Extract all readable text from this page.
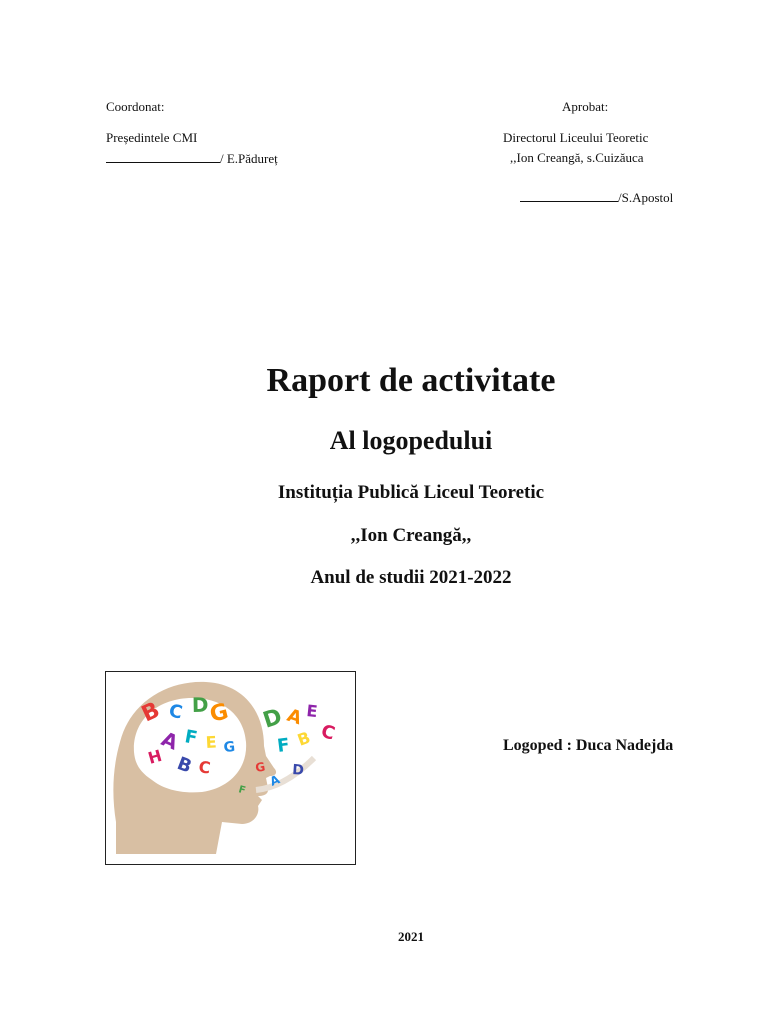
Coordonat:
Președintele CMI
/ E.Pădureț
Aprobat:
Directorul Liceului Teoretic
,,Ion Creangă, s.Cuizăuca
/S.Apostol
Raport de activitate
Al logopedului
Instituția Publică Liceul Teoretic
,,Ion Creangă,,
Anul de studii 2021-2022
B C D
G
A F E
H B C
G
D A E
F B C
D
G
A
F
Logoped : Duca Nadejda
2021
